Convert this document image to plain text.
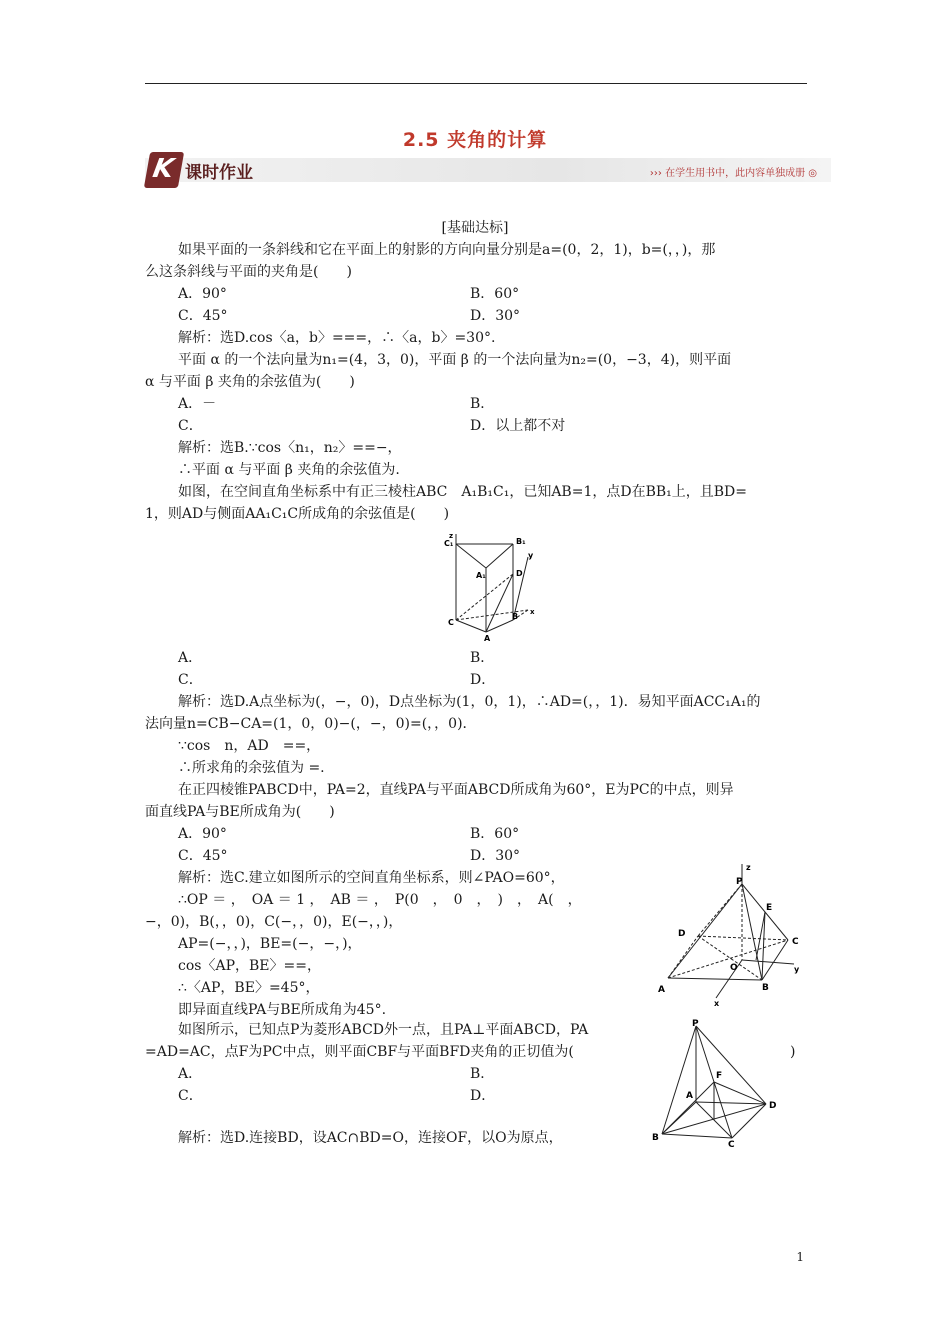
2.5 夹角的计算
K 课时作业	››› 在学生用书中，此内容单独成册 ◎
[基础达标]
如果平面的一条斜线和它在平面上的射影的方向向量分别是a=(0，2，1)，b=(，，)，那
么这条斜线与平面的夹角是(　　)
A．90°	B．60°
C．45°	D．30°
解析：选D.cos〈a，b〉===，∴〈a，b〉=30°.
平面 α 的一个法向量为n₁=(4，3，0)，平面 β 的一个法向量为n₂=(0，−3，4)，则平面
α 与平面 β 夹角的余弦值为(　　)
A．－	B．
C．	D．以上都不对
解析：选B.∵cos〈n₁，n₂〉==−，
∴平面 α 与平面 β 夹角的余弦值为.
如图，在空间直角坐标系中有正三棱柱ABC　A₁B₁C₁，已知AB=1，点D在BB₁上，且BD=
1，则AD与侧面AA₁C₁C所成角的余弦值是(　　)
z
C₁	B₁
y
A₁	D
C
B x
A
A．	B．
C．	D．
解析：选D.A点坐标为(，−，0)，D点坐标为(1，0，1)，∴AD=(，，1)．易知平面ACC₁A₁的
法向量n=CB−CA=(1，0，0)−(，−，0)=(，，0)．
∵cos　n，AD　==，
∴所求角的余弦值为 =.
在正四棱锥PABCD中，PA=2，直线PA与平面ABCD所成角为60°，E为PC的中点，则异
面直线PA与BE所成角为(　　)
A．90°	B．60°
C．45°	D．30°
解析：选C.建立如图所示的空间直角坐标系，则∠PAO=60°，
∴OP ＝ ，　OA ＝ 1 ，　AB ＝ ，　P(0　，　0　，　)　，　A(　，
−，0)，B(，，0)，C(−，，0)，E(−，，)，
AP=(−，，)，BE=(−，−，)，
cos〈AP，BE〉==，
∴〈AP，BE〉=45°，
即异面直线PA与BE所成角为45°.
z
P
E
D
C
O	y
A	B
x
如图所示，已知点P为菱形ABCD外一点，且PA⊥平面ABCD，PA
=AD=AC，点F为PC中点，则平面CBF与平面BFD夹角的正切值为(	)
A．	B．
C．	D．
解析：选D.连接BD，设AC∩BD=O，连接OF，以O为原点，
P
F
A
D
B
C
1
